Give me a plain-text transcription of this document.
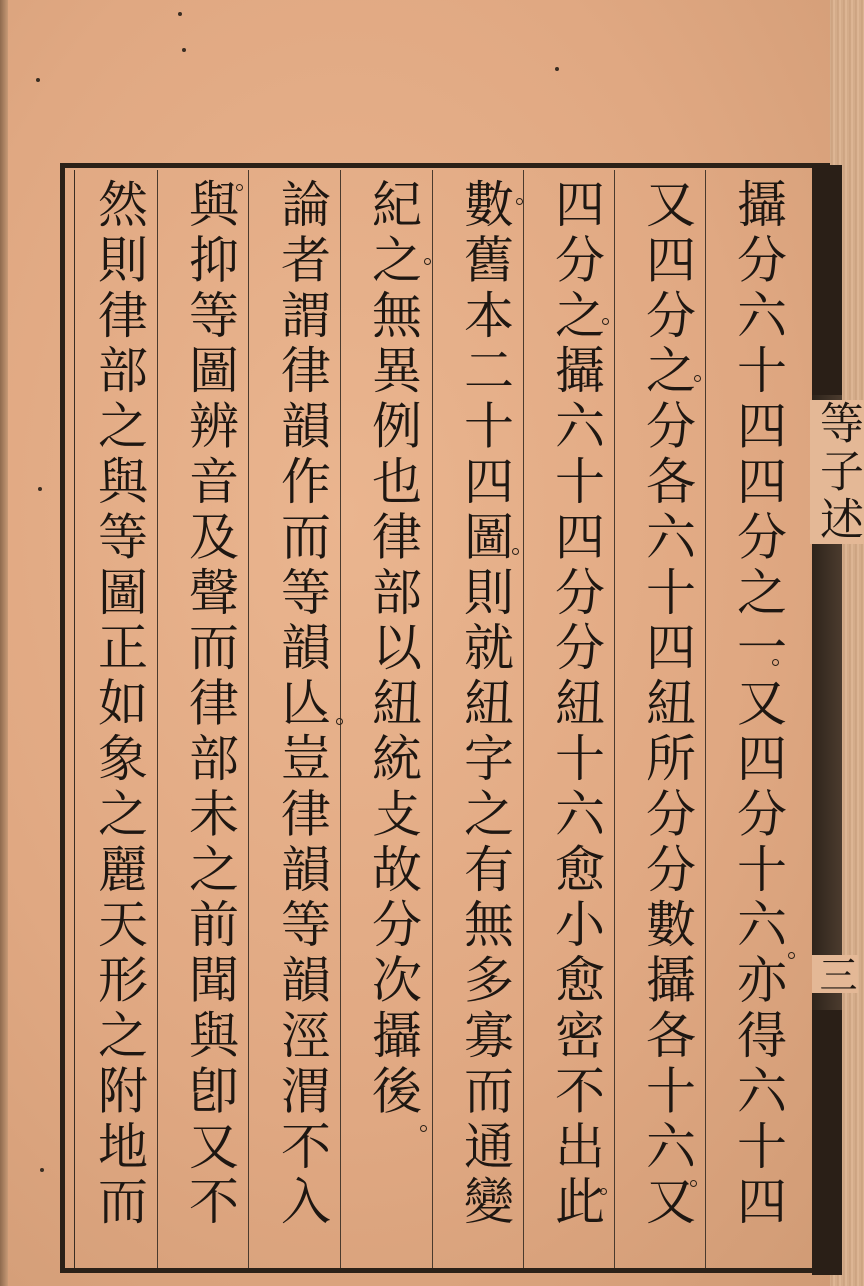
攝分六十四四分之一又四分十六亦得六十四
又四分之分各六十四紐所分分數攝各十六又
四分之攝六十四分分紐十六愈小愈密不出此
數舊本二十四圖則就紐字之有無多寡而通變
紀之無異例也律部以紐統攴故分次攝後
論者謂律韻作而等韻亾豈律韻等韻涇渭不入
與抑等圖辨音及聲而律部未之前聞與卽又不
然則律部之與等圖正如象之麗天形之附地而	等子述
三
